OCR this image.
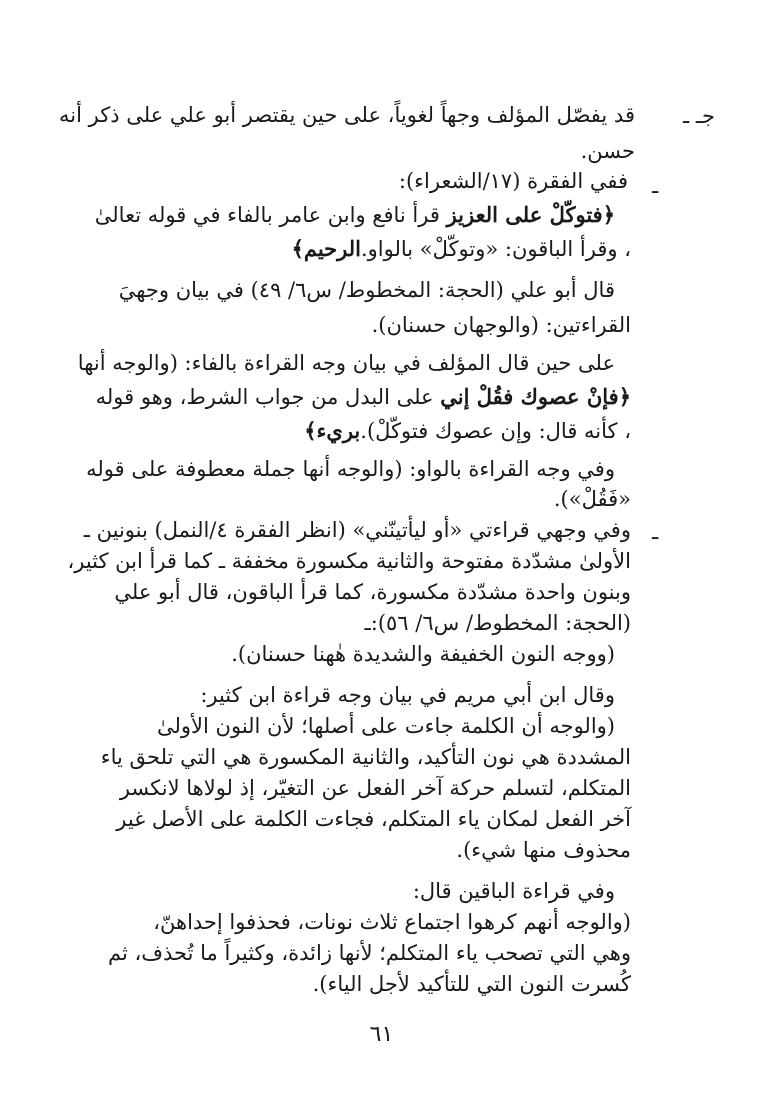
جـ ـ
ـ
ـ
قد يفصّل المؤلف وجهاً لغوياً، على حين يقتصر أبو علي على ذكر أنه
حسن.
ففي الفقرة (١٧/الشعراء):
﴿فتوكّلْ على العزيز قرأ نافع وابن عامر بالفاء في قوله تعالىٰ
، وقرأ الباقون: «وتوكّلْ» بالواو.الرحيم﴾
قال أبو علي (الحجة: المخطوط/ س٦/ ٤٩) في بيان وجهيَ
القراءتين: (والوجهان حسنان).
على حين قال المؤلف في بيان وجه القراءة بالفاء: (والوجه أنها
﴿فإنْ عصوك فقُلْ إني على البدل من جواب الشرط، وهو قوله
، كأنه قال: وإن عصوك فتوكّلْ).بريء﴾
وفي وجه القراءة بالواو: (والوجه أنها جملة معطوفة على قوله
«فَقُلْ»).
وفي وجهي قراءتي «أو ليأتينّني» (انظر الفقرة ٤/النمل) بنونين ـ
الأولىٰ مشدّدة مفتوحة والثانية مكسورة مخففة ـ كما قرأ ابن كثير،
وبنون واحدة مشدّدة مكسورة، كما قرأ الباقون، قال أبو علي
(الحجة: المخطوط/ س٦/ ٥٦):ـ
(ووجه النون الخفيفة والشديدة هٰهنا حسنان).
وقال ابن أبي مريم في بيان وجه قراءة ابن كثير:
(والوجه أن الكلمة جاءت على أصلها؛ لأن النون الأولىٰ
المشددة هي نون التأكيد، والثانية المكسورة هي التي تلحق ياء
المتكلم، لتسلم حركة آخر الفعل عن التغيّر، إذ لولاها لانكسر
آخر الفعل لمكان ياء المتكلم، فجاءت الكلمة على الأصل غير
محذوف منها شيء).
وفي قراءة الباقين قال:
(والوجه أنهم كرهوا اجتماع ثلاث نونات، فحذفوا إحداهنّ،
وهي التي تصحب ياء المتكلم؛ لأنها زائدة، وكثيراً ما تُحذف، ثم
كُسرت النون التي للتأكيد لأجل الياء).
٦١
